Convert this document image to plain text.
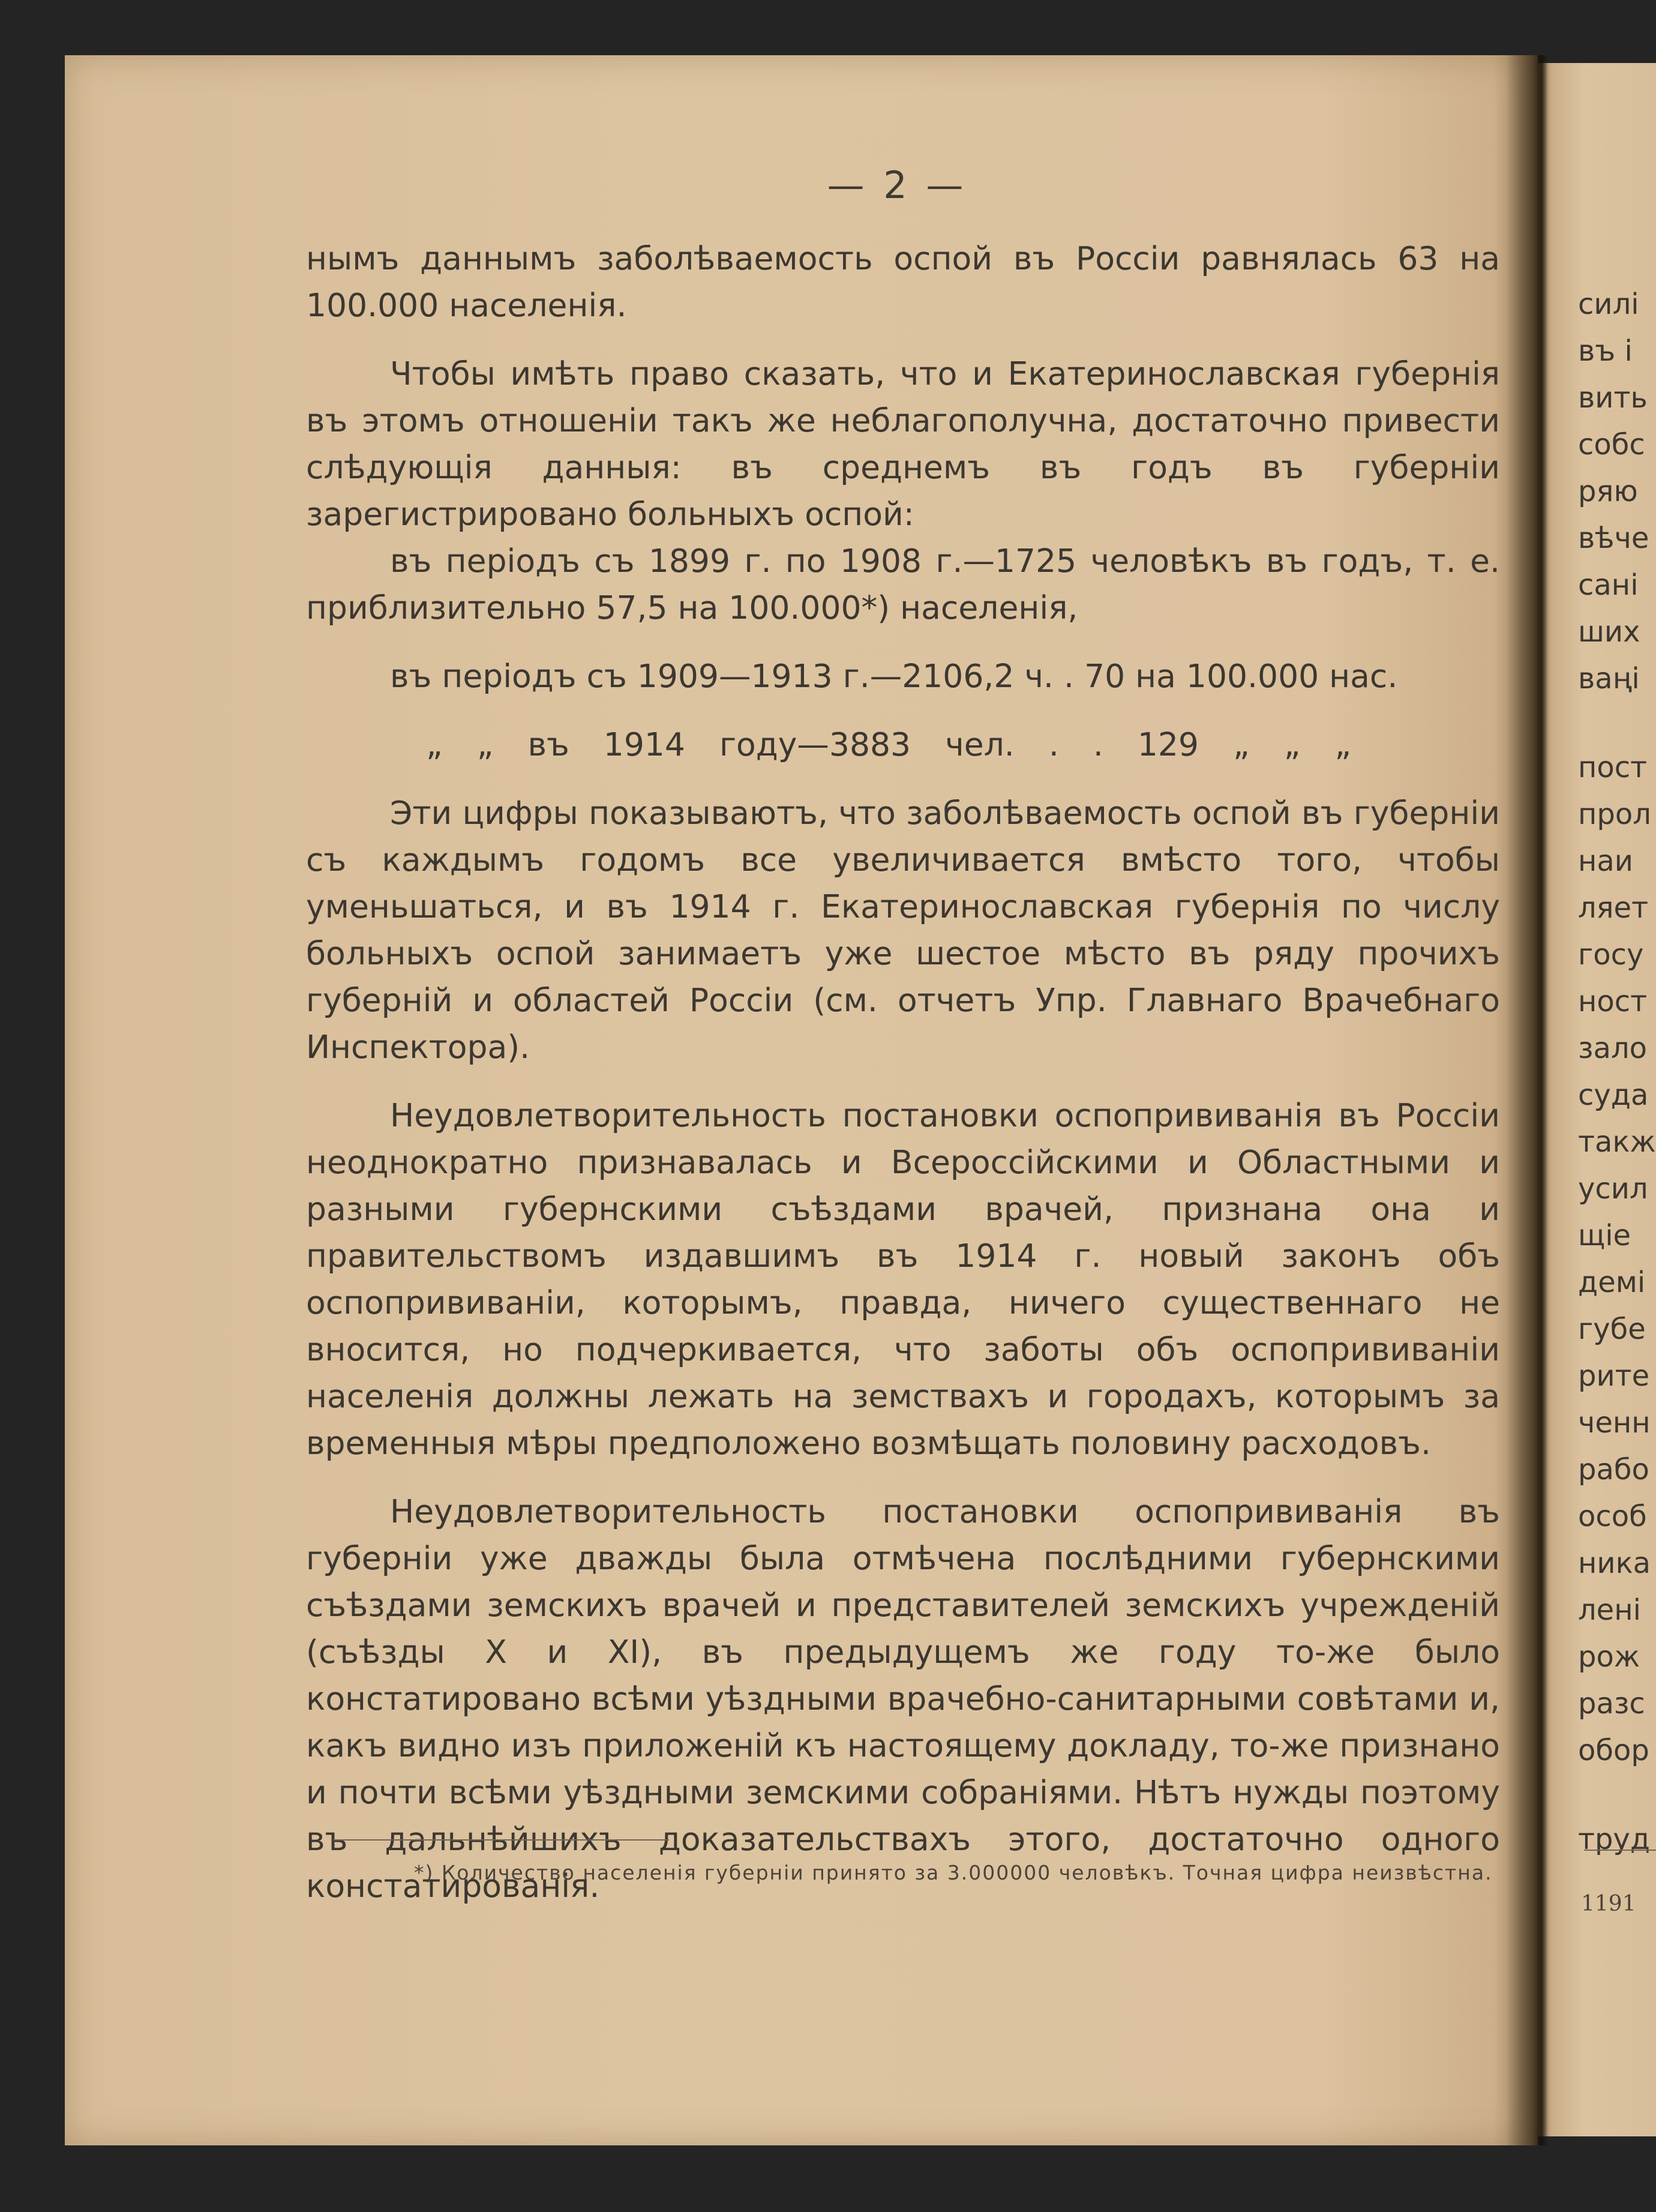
— 2 —

нымъ даннымъ заболѣваемость оспой въ Россіи равнялась 63 на 100.000 населенія.

Чтобы имѣть право сказать, что и Екатеринославская губернія въ этомъ отношеніи такъ же неблагополучна, достаточно привести слѣдующія данныя: въ среднемъ въ годъ въ губерніи зарегистрировано больныхъ оспой:

въ періодъ съ 1899 г. по 1908 г.—1725 человѣкъ въ годъ, т. е. приблизительно 57,5 на 100.000*) населенія,

въ періодъ съ 1909—1913 г.—2106,2 ч. . 70 на 100.000 нас.

„ „ въ 1914 году—3883 чел. . . 129 „ „ „

Эти цифры показываютъ, что заболѣваемость оспой въ губерніи съ каждымъ годомъ все увеличивается вмѣсто того, чтобы уменьшаться, и въ 1914 г. Екатеринославская губернія по числу больныхъ оспой занимаетъ уже шестое мѣсто въ ряду прочихъ губерній и областей Россіи (см. отчетъ Упр. Главнаго Врачебнаго Инспектора).

Неудовлетворительность постановки оспопрививанія въ Россіи неоднократно признавалась и Всероссійскими и Областными и разными губернскими съѣздами врачей, признана она и правительствомъ издавшимъ въ 1914 г. новый законъ объ оспопрививаніи, которымъ, правда, ничего существеннаго не вносится, но подчеркивается, что заботы объ оспопрививаніи населенія должны лежать на земствахъ и городахъ, которымъ за временныя мѣры предположено возмѣщать половину расходовъ.

Неудовлетворительность постановки оспопрививанія въ губерніи уже дважды была отмѣчена послѣдними губернскими съѣздами земскихъ врачей и представителей земскихъ учрежденій (съѣзды X и XI), въ предыдущемъ же году то-же было констатировано всѣми уѣздными врачебно-санитарными совѣтами и, какъ видно изъ приложеній къ настоящему докладу, то-же признано и почти всѣми уѣздными земскими собраніями. Нѣтъ нужды поэтому въ дальнѣйшихъ доказательствахъ этого, достаточно одного констатированія.

*) Количество населенія губерніи принято за 3.000000 человѣкъ. Точная цифра неизвѣстна.
силі
въ і
вить
собс
ряю
вѣче
сані
ших
ваңі
пост
прол
наи
ляет
госу
ност
зало
суда
такж
усил
щіе
демі
губе
рите
ченн
рабо
особ
ника
лені
рож
разс
обор
труд
1191
